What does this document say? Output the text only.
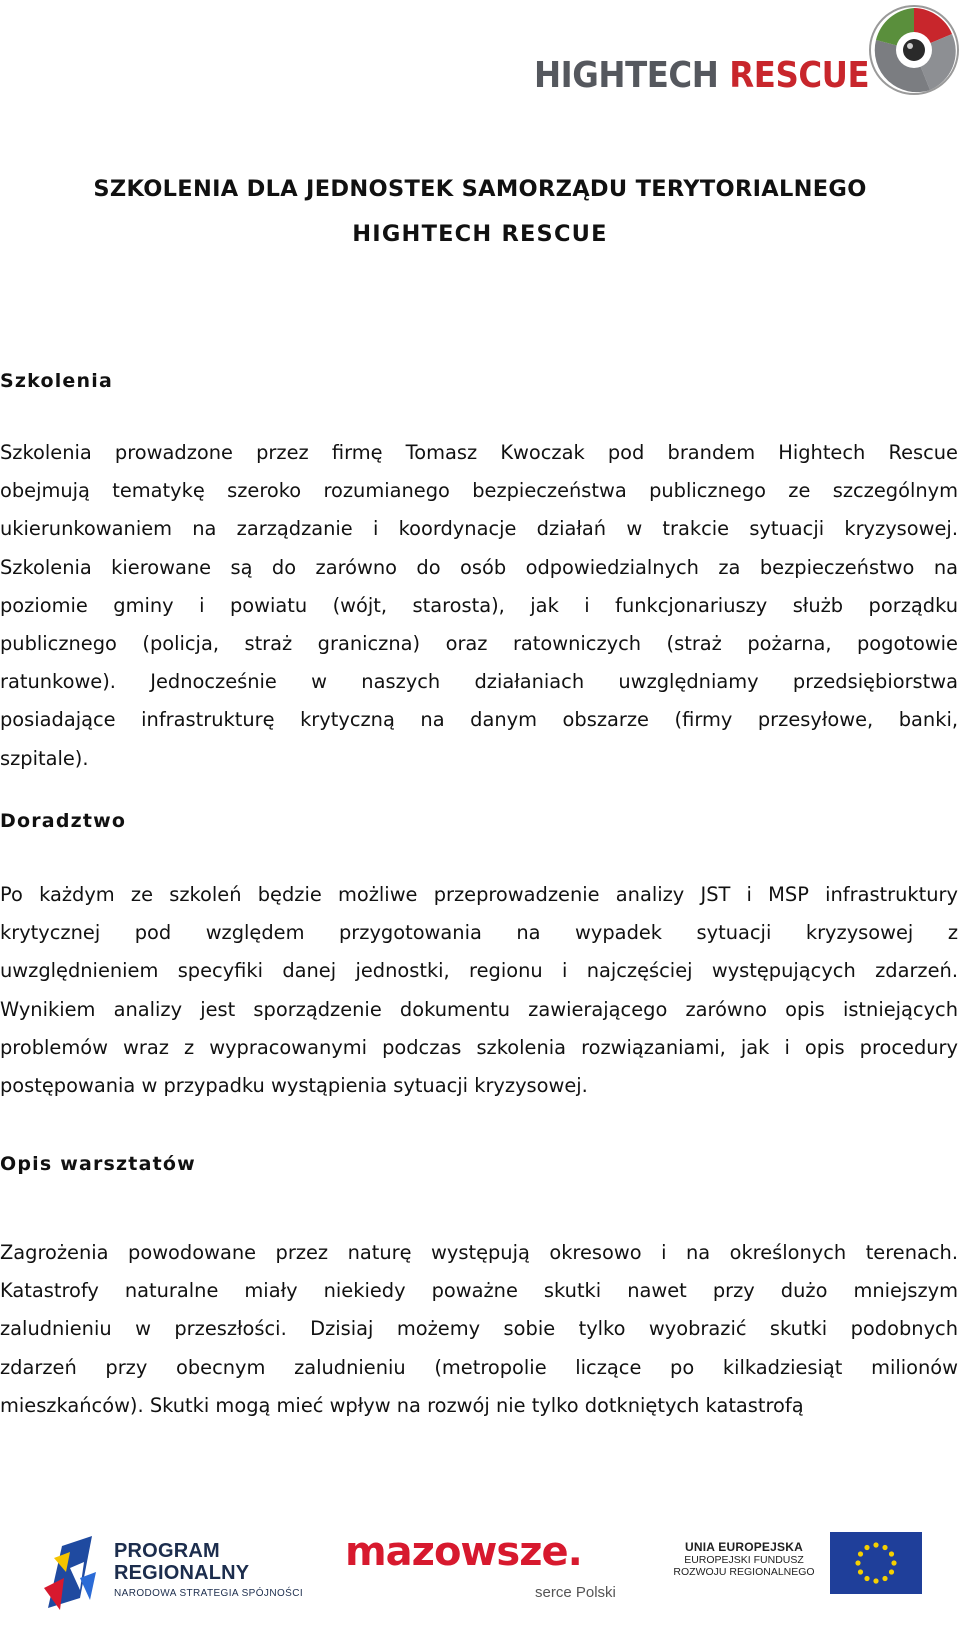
HIGHTECH RESCUE
SZKOLENIA DLA JEDNOSTEK SAMORZĄDU TERYTORIALNEGO
HIGHTECH RESCUE
Szkolenia
Szkolenia prowadzone przez firmę Tomasz Kwoczak pod brandem Hightech Rescue
obejmują tematykę szeroko rozumianego bezpieczeństwa publicznego ze szczególnym
ukierunkowaniem na zarządzanie i koordynacje działań w trakcie sytuacji kryzysowej.
Szkolenia kierowane są do zarówno do osób odpowiedzialnych za bezpieczeństwo na
poziomie gminy i powiatu (wójt, starosta), jak i funkcjonariuszy służb porządku
publicznego (policja, straż graniczna) oraz ratowniczych (straż pożarna, pogotowie
ratunkowe). Jednocześnie w naszych działaniach uwzględniamy przedsiębiorstwa
posiadające infrastrukturę krytyczną na danym obszarze (firmy przesyłowe, banki,
szpitale).
Doradztwo
Po każdym ze szkoleń będzie możliwe przeprowadzenie analizy JST i MSP infrastruktury
krytycznej pod względem przygotowania na wypadek sytuacji kryzysowej z
uwzględnieniem specyfiki danej jednostki, regionu i najczęściej występujących zdarzeń.
Wynikiem analizy jest sporządzenie dokumentu zawierającego zarówno opis istniejących
problemów wraz z wypracowanymi podczas szkolenia rozwiązaniami, jak i opis procedury
postępowania w przypadku wystąpienia sytuacji kryzysowej.
Opis warsztatów
Zagrożenia powodowane przez naturę występują okresowo i na określonych terenach.
Katastrofy naturalne miały niekiedy poważne skutki nawet przy dużo mniejszym
zaludnieniu w przeszłości. Dzisiaj możemy sobie tylko wyobrazić skutki podobnych
zdarzeń przy obecnym zaludnieniu (metropolie liczące po kilkadziesiąt milionów
mieszkańców). Skutki mogą mieć wpływ na rozwój nie tylko dotkniętych katastrofą
PROGRAM
REGIONALNY
NARODOWA STRATEGIA SPÓJNOŚCI
mazowsze.
serce Polski
UNIA EUROPEJSKA
EUROPEJSKI FUNDUSZ
ROZWOJU REGIONALNEGO
